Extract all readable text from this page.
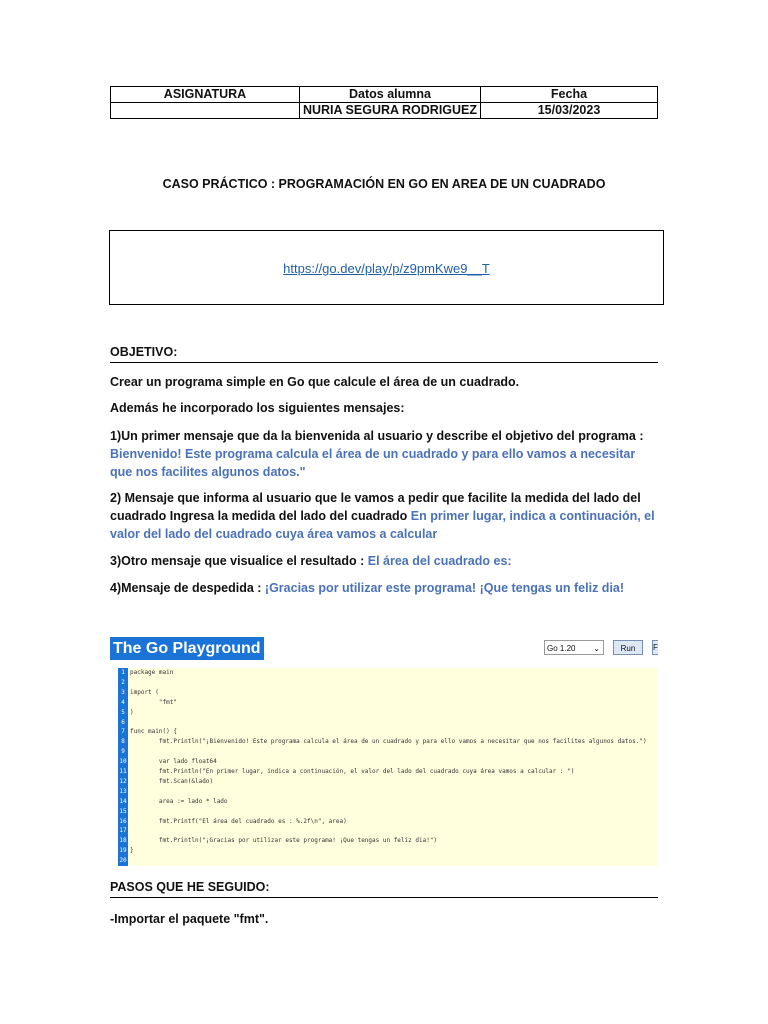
ASIGNATURA	Datos alumna	Fecha
	NURIA SEGURA RODRIGUEZ	15/03/2023
CASO PRÁCTICO : PROGRAMACIÓN EN GO EN AREA DE UN CUADRADO
https://go.dev/play/p/z9pmKwe9__T
OBJETIVO:
Crear un programa simple en Go que calcule el área de un cuadrado.
Además he incorporado los siguientes mensajes:
1)Un primer mensaje que da la bienvenida al usuario y describe el objetivo del programa : Bienvenido! Este programa calcula el área de un cuadrado y para ello vamos a necesitar que nos facilites algunos datos."
2) Mensaje que informa al usuario que le vamos a pedir que facilite la medida del lado del cuadrado Ingresa la medida del lado del cuadrado En primer lugar, indica a continuación, el valor del lado del cuadrado cuya área vamos a calcular
3)Otro mensaje que visualice el resultado : El área del cuadrado es:
4)Mensaje de despedida : ¡Gracias por utilizar este programa! ¡Que tengas un feliz dia!
The Go Playground	Go 1.20 ⌄	Run	F
1 package main
2
3 import (
4 "fmt"
5 )
6
7 func main() {
8 fmt.Println("¡Bienvenido! Este programa calcula el área de un cuadrado y para ello vamos a necesitar que nos facilites algunos datos.")
9
10 var lado float64
11 fmt.Println("En primer lugar, indica a continuación, el valor del lado del cuadrado cuya área vamos a calcular : ")
12 fmt.Scan(&lado)
13
14 area := lado * lado
15
16 fmt.Printf("El área del cuadrado es : %.2f\n", area)
17
18 fmt.Println("¡Gracias por utilizar este programa! ¡Que tengas un feliz dia!")
19 }
20
PASOS QUE HE SEGUIDO:
-Importar el paquete "fmt".
